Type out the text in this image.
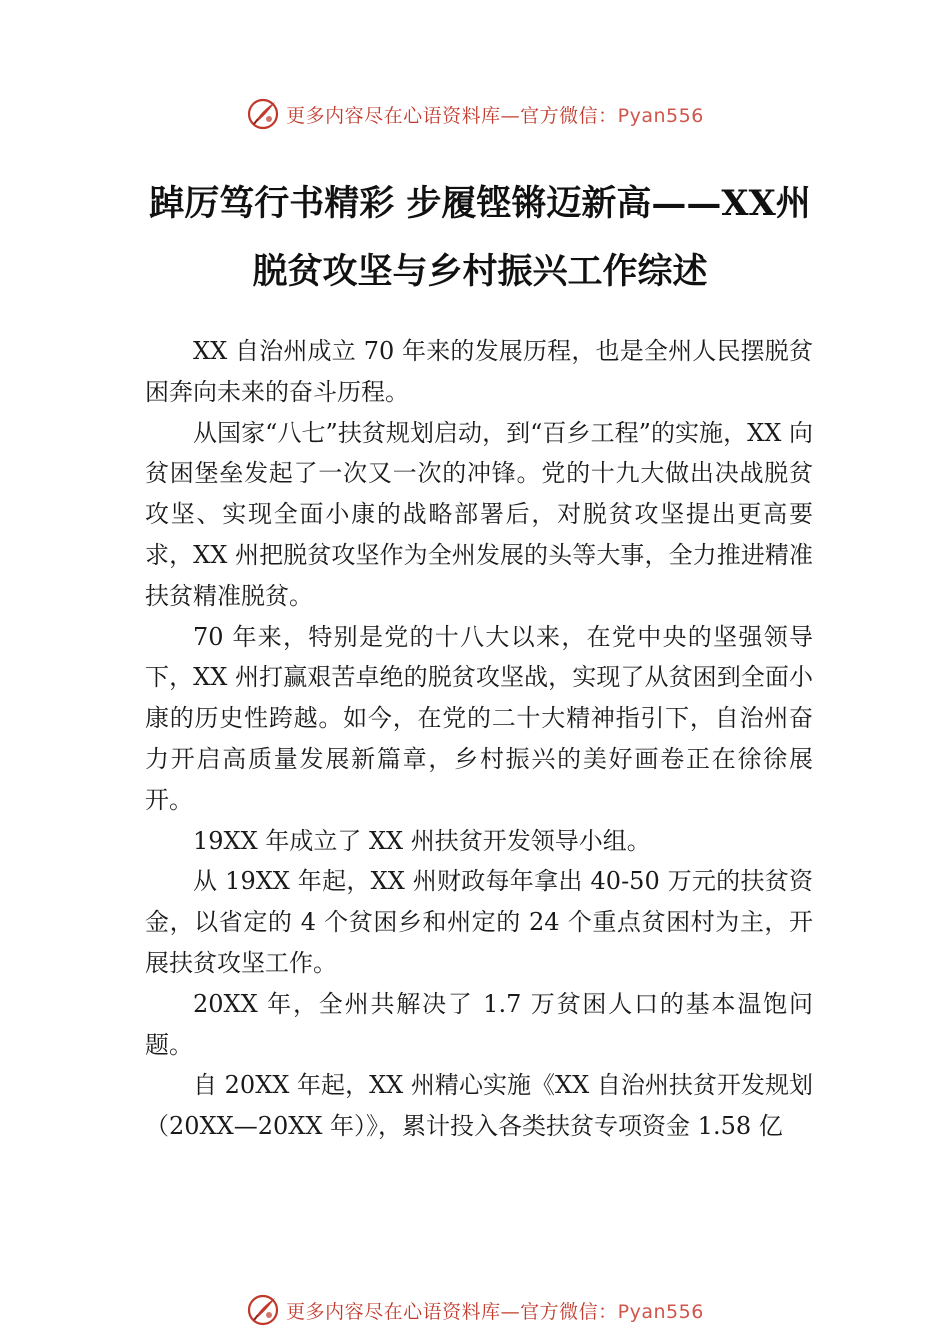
更多内容尽在心语资料库—官方微信：Pyan556
踔厉笃行书精彩 步履铿锵迈新高——XX州脱贫攻坚与乡村振兴工作综述

XX 自治州成立 70 年来的发展历程，也是全州人民摆脱贫困奔向未来的奋斗历程。

从国家“八七”扶贫规划启动，到“百乡工程”的实施，XX 向贫困堡垒发起了一次又一次的冲锋。党的十九大做出决战脱贫攻坚、实现全面小康的战略部署后，对脱贫攻坚提出更高要求，XX 州把脱贫攻坚作为全州发展的头等大事，全力推进精准扶贫精准脱贫。

70 年来，特别是党的十八大以来，在党中央的坚强领导下，XX 州打赢艰苦卓绝的脱贫攻坚战，实现了从贫困到全面小康的历史性跨越。如今，在党的二十大精神指引下，自治州奋力开启高质量发展新篇章，乡村振兴的美好画卷正在徐徐展开。

19XX 年成立了 XX 州扶贫开发领导小组。

从 19XX 年起，XX 州财政每年拿出 40-50 万元的扶贫资金，以省定的 4 个贫困乡和州定的 24 个重点贫困村为主，开展扶贫攻坚工作。

20XX 年，全州共解决了 1.7 万贫困人口的基本温饱问题。

自 20XX 年起，XX 州精心实施《XX 自治州扶贫开发规划（20XX—20XX 年）》，累计投入各类扶贫专项资金 1.58 亿

更多内容尽在心语资料库—官方微信：Pyan556
